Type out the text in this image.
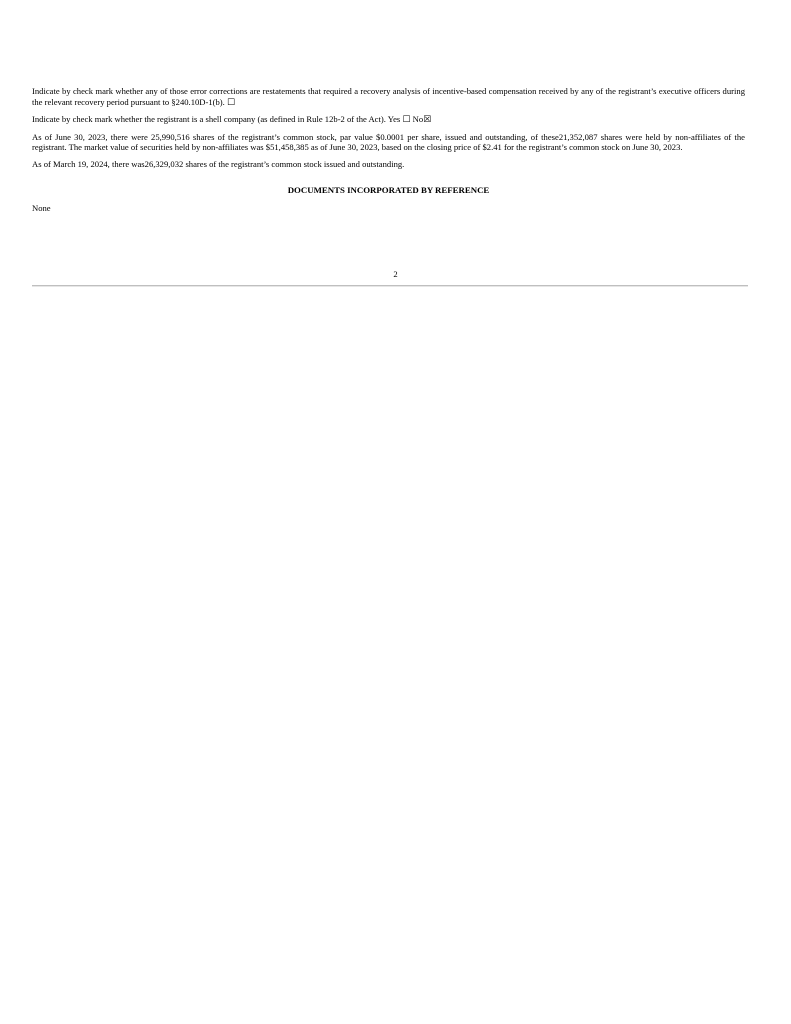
Indicate by check mark whether any of those error corrections are restatements that required a recovery analysis of incentive-based compensation received by any of the registrant’s executive officers during the relevant recovery period pursuant to §240.10D-1(b). ☐

Indicate by check mark whether the registrant is a shell company (as defined in Rule 12b-2 of the Act). Yes ☐ No☒

As of June 30, 2023, there were 25,990,516 shares of the registrant’s common stock, par value $0.0001 per share, issued and outstanding, of these21,352,087 shares were held by non-affiliates of the registrant. The market value of securities held by non-affiliates was $51,458,385 as of June 30, 2023, based on the closing price of $2.41 for the registrant’s common stock on June 30, 2023.

As of March 19, 2024, there was26,329,032 shares of the registrant’s common stock issued and outstanding.

DOCUMENTS INCORPORATED BY REFERENCE

None

2
